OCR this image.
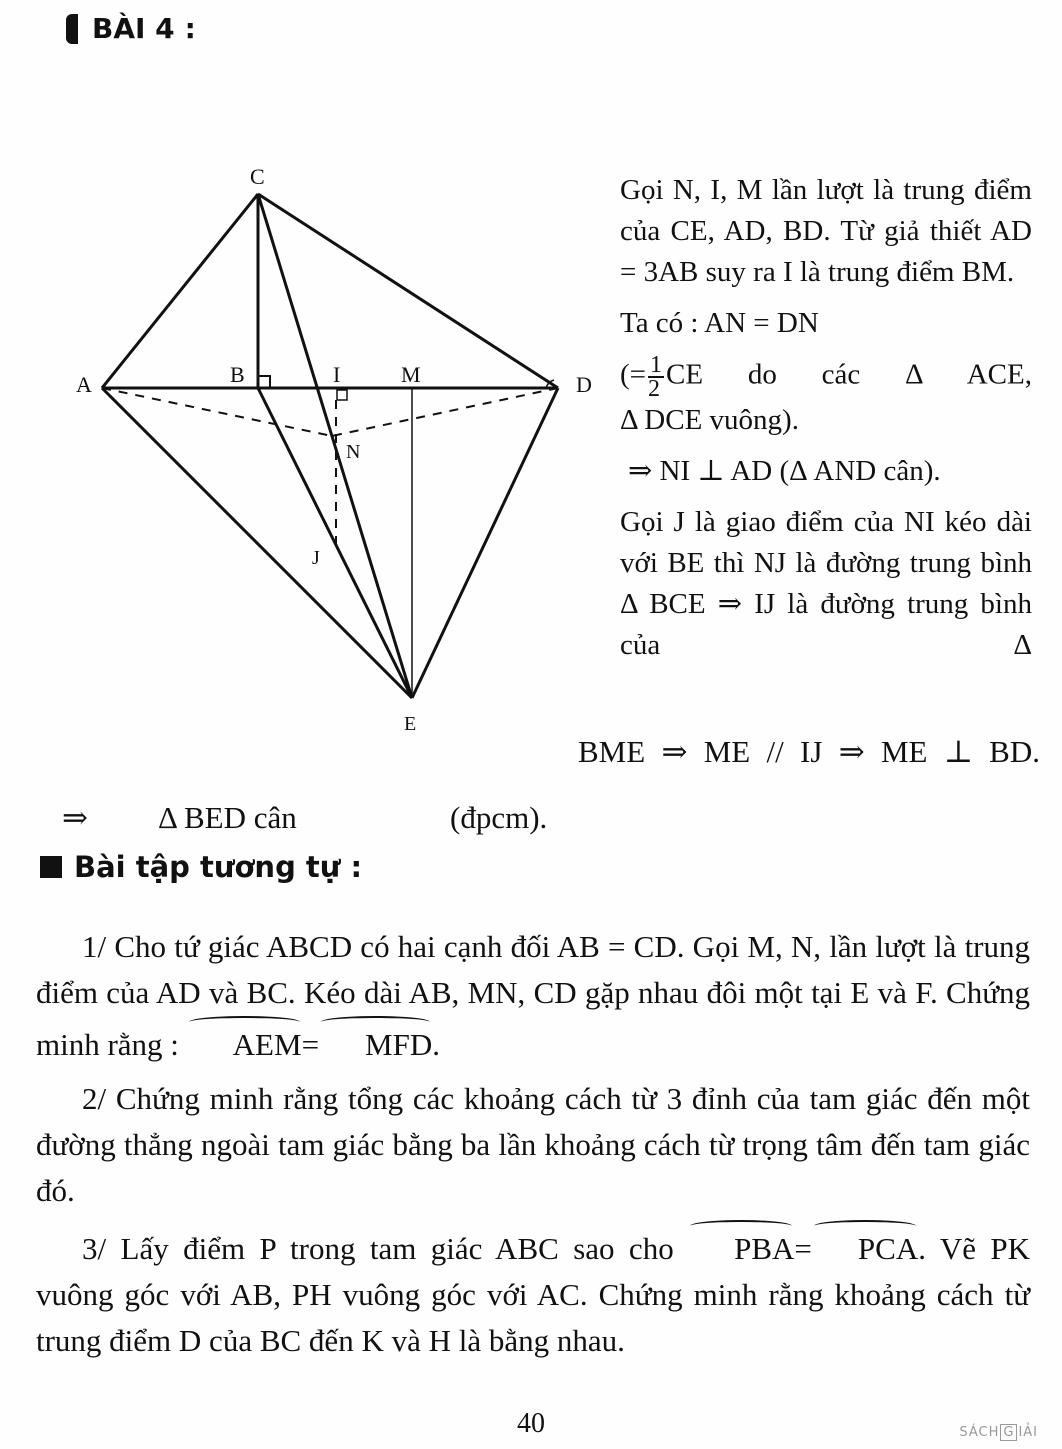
BÀI 4 :
C
A	B	I	M	D
N
J
E

Gọi N, I, M lần lượt là trung điểm của CE, AD, BD. Từ giả thiết AD = 3AB suy ra I là trung điểm BM.

Ta có : AN = DN

(= $\frac{1}{2}$ CE do các Δ ACE,

Δ DCE vuông).

⇒ NI ⊥ AD (Δ AND cân).

Gọi J là giao điểm của NI kéo dài với BE thì NJ là đường trung bình Δ BCE ⇒ IJ là đường trung bình của Δ

BME ⇒ ME // IJ ⇒ ME ⊥ BD.
⇒	Δ BED cân	(đpcm).
Bài tập tương tự :

1/ Cho tứ giác ABCD có hai cạnh đối AB = CD. Gọi M, N, lần lượt là trung điểm của AD và BC. Kéo dài AB, MN, CD gặp nhau đôi một tại E và F. Chứng minh rằng : AEM= MFD.

2/ Chứng minh rằng tổng các khoảng cách từ 3 đỉnh của tam giác đến một đường thẳng ngoài tam giác bằng ba lần khoảng cách từ trọng tâm đến tam giác đó.

3/ Lấy điểm P trong tam giác ABC sao cho PBA= PCA. Vẽ PK vuông góc với AB, PH vuông góc với AC. Chứng minh rằng khoảng cách từ trung điểm D của BC đến K và H là bằng nhau.

40	SÁCH G IẢI
